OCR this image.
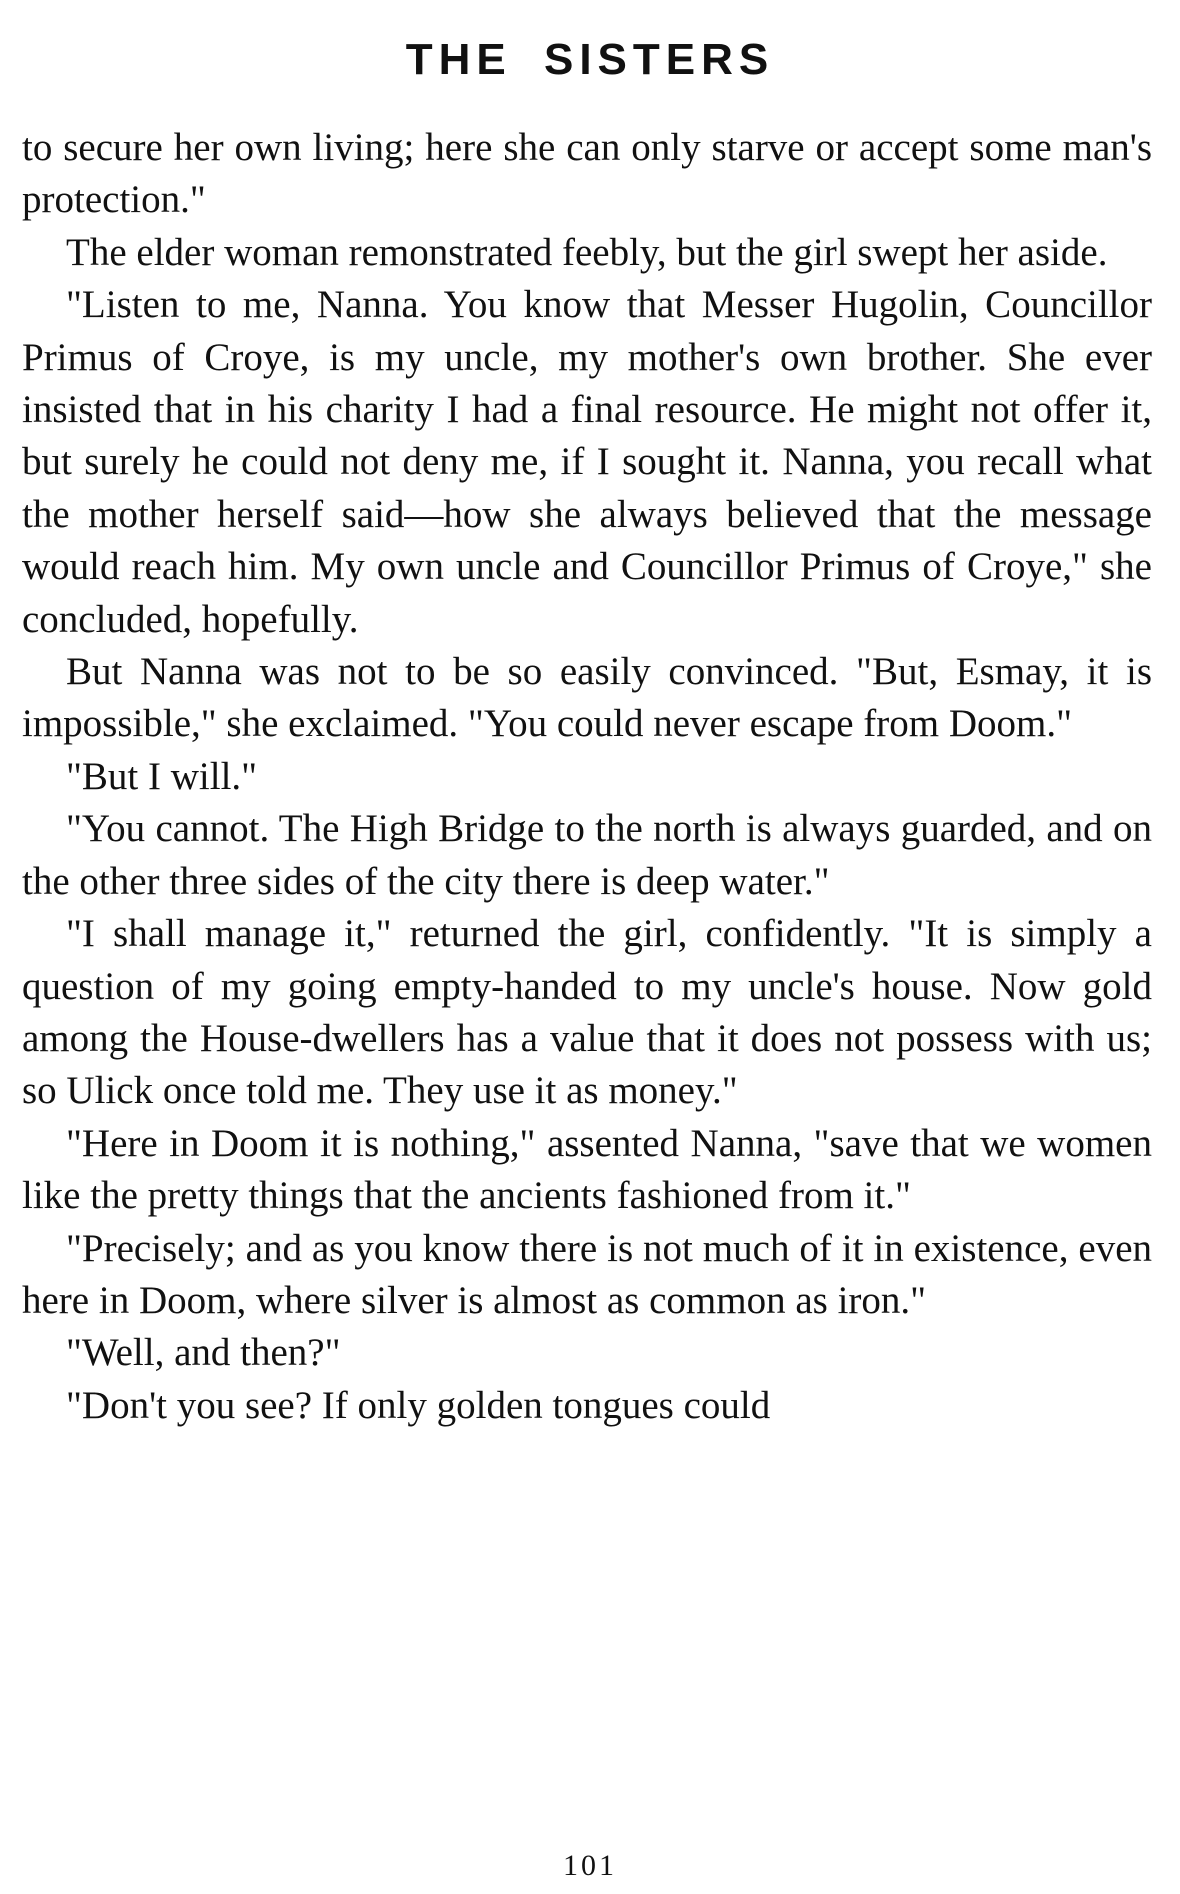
THE SISTERS

to secure her own living; here she can only starve or accept some man's protection."

The elder woman remonstrated feebly, but the girl swept her aside.

"Listen to me, Nanna. You know that Messer Hugolin, Councillor Primus of Croye, is my uncle, my mother's own brother. She ever insisted that in his charity I had a final resource. He might not offer it, but surely he could not deny me, if I sought it. Nanna, you recall what the mother herself said—how she always believed that the message would reach him. My own uncle and Councillor Primus of Croye," she concluded, hopefully.

But Nanna was not to be so easily convinced. "But, Esmay, it is impossible," she exclaimed. "You could never escape from Doom."

"But I will."

"You cannot. The High Bridge to the north is always guarded, and on the other three sides of the city there is deep water."

"I shall manage it," returned the girl, confidently. "It is simply a question of my going empty-handed to my uncle's house. Now gold among the House-dwellers has a value that it does not possess with us; so Ulick once told me. They use it as money."

"Here in Doom it is nothing," assented Nanna, "save that we women like the pretty things that the ancients fashioned from it."

"Precisely; and as you know there is not much of it in existence, even here in Doom, where silver is almost as common as iron."

"Well, and then?"

"Don't you see? If only golden tongues could

101
